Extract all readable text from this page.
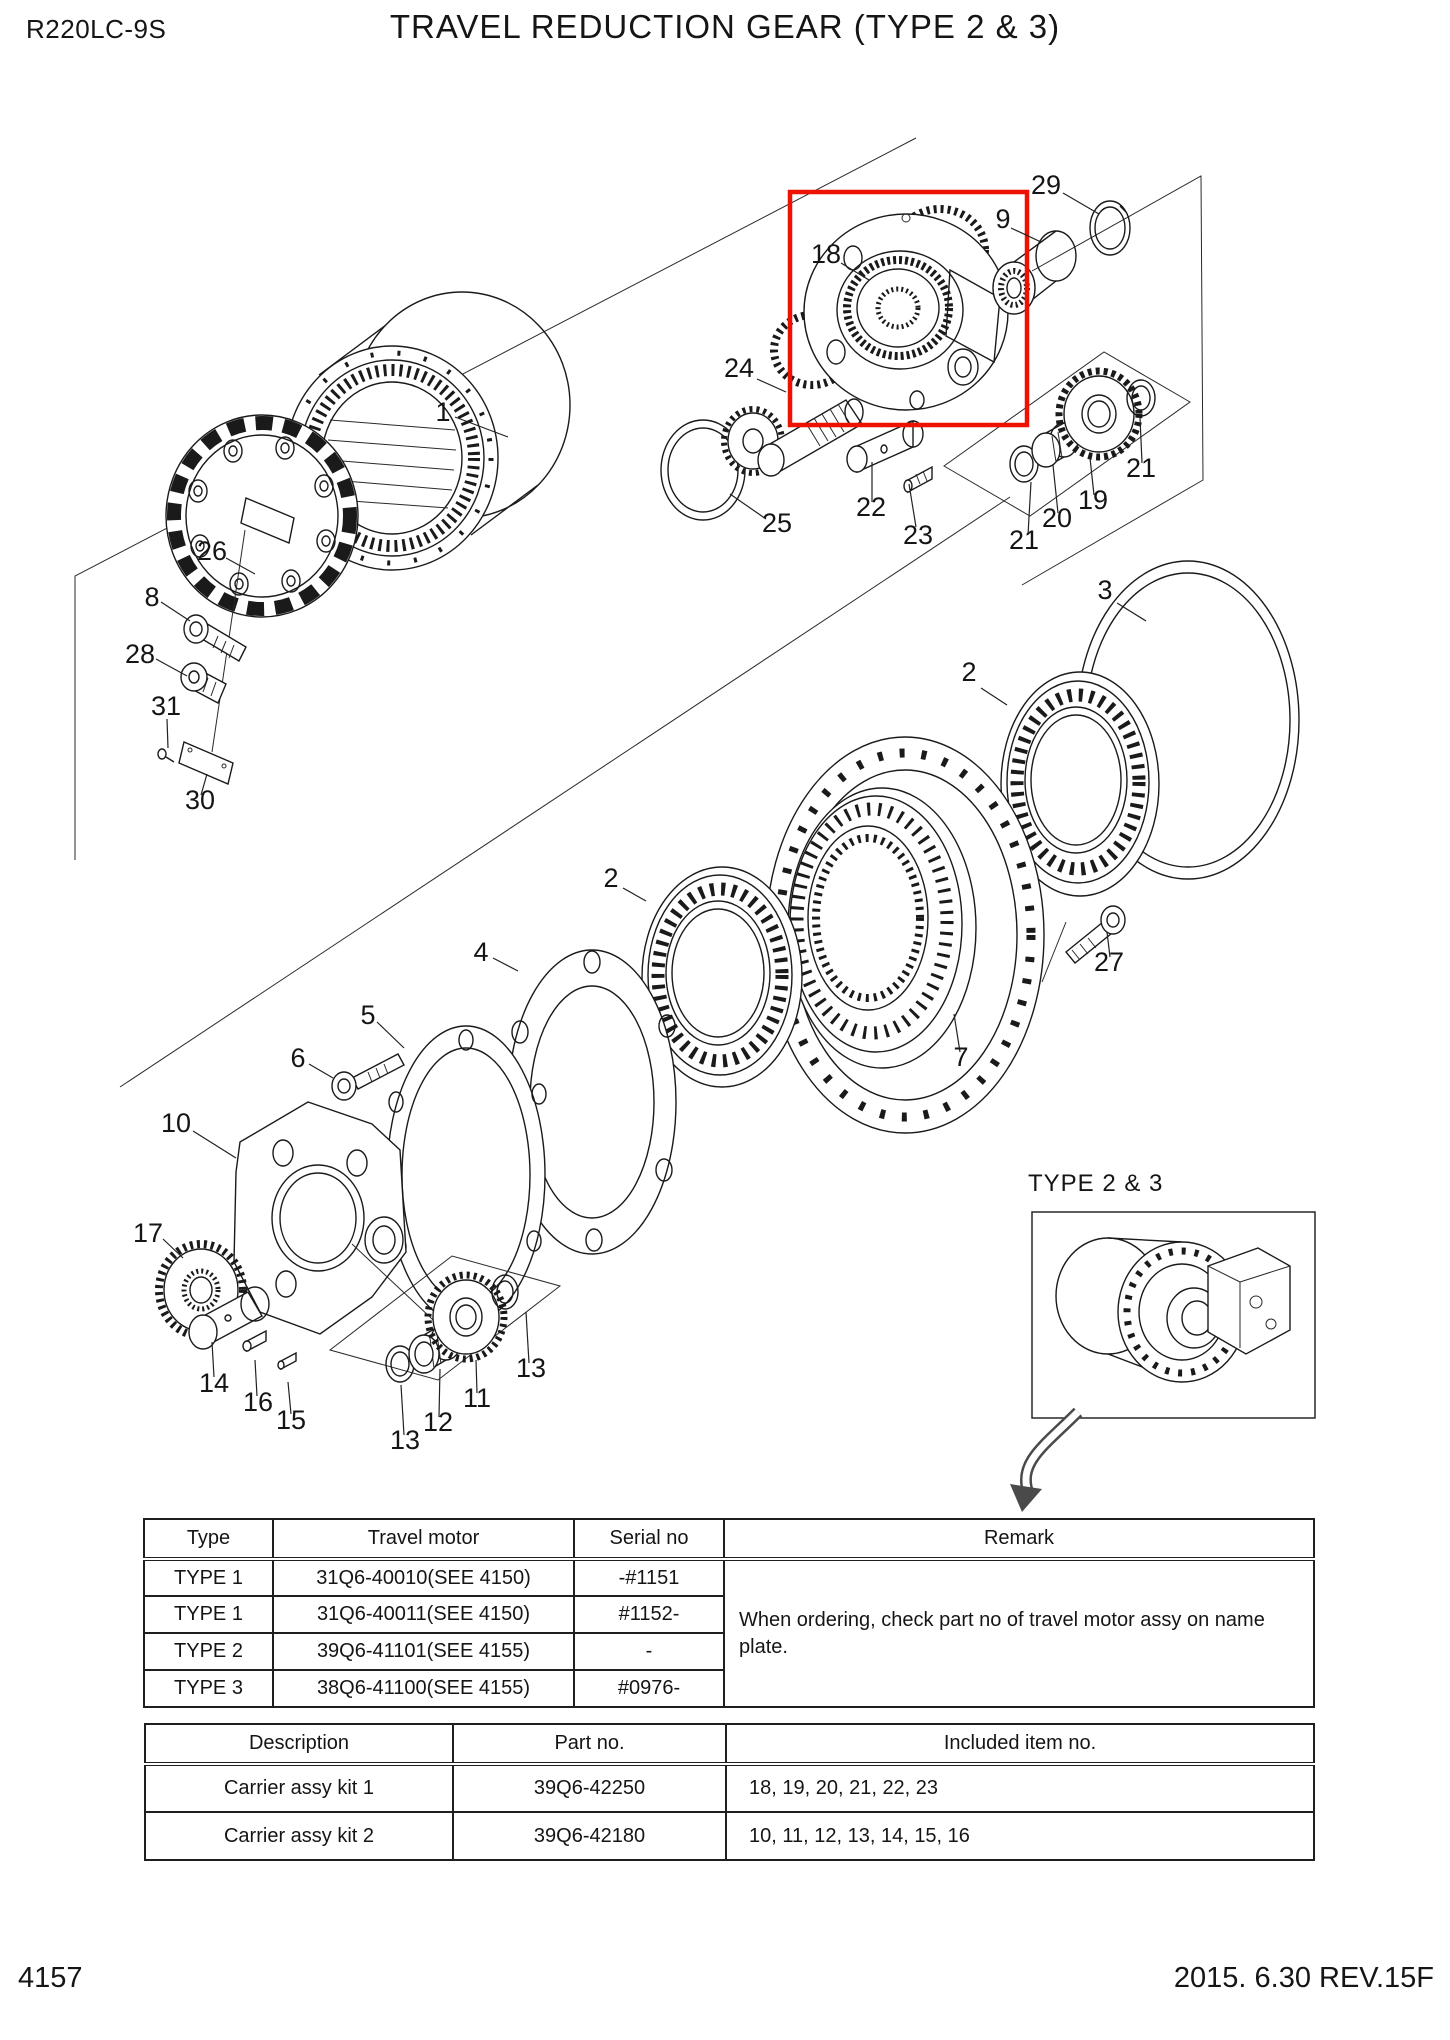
R220LC-9S	TRAVEL REDUCTION GEAR (TYPE 2 & 3)
1
26
8
28
31
30
29
9
18
24
25
22
23	21
20
19
21
3
2
2
27
7
4
5
6
10
17
14
16
15
13
12
11
13
TYPE 2 & 3
Type	Travel motor	Serial no	Remark
TYPE 1	31Q6-40010(SEE 4150)	-#1151	When ordering, check part no of travel motor assy on name plate.
TYPE 1	31Q6-40011(SEE 4150)	#1152-	
TYPE 2	39Q6-41101(SEE 4155)	-	
TYPE 3	38Q6-41100(SEE 4155)	#0976-	
Description	Part no.	Included item no.
Carrier assy kit 1	39Q6-42250	18, 19, 20, 21, 22, 23
Carrier assy kit 2	39Q6-42180	10, 11, 12, 13, 14, 15, 16
4157	2015. 6.30 REV.15F
